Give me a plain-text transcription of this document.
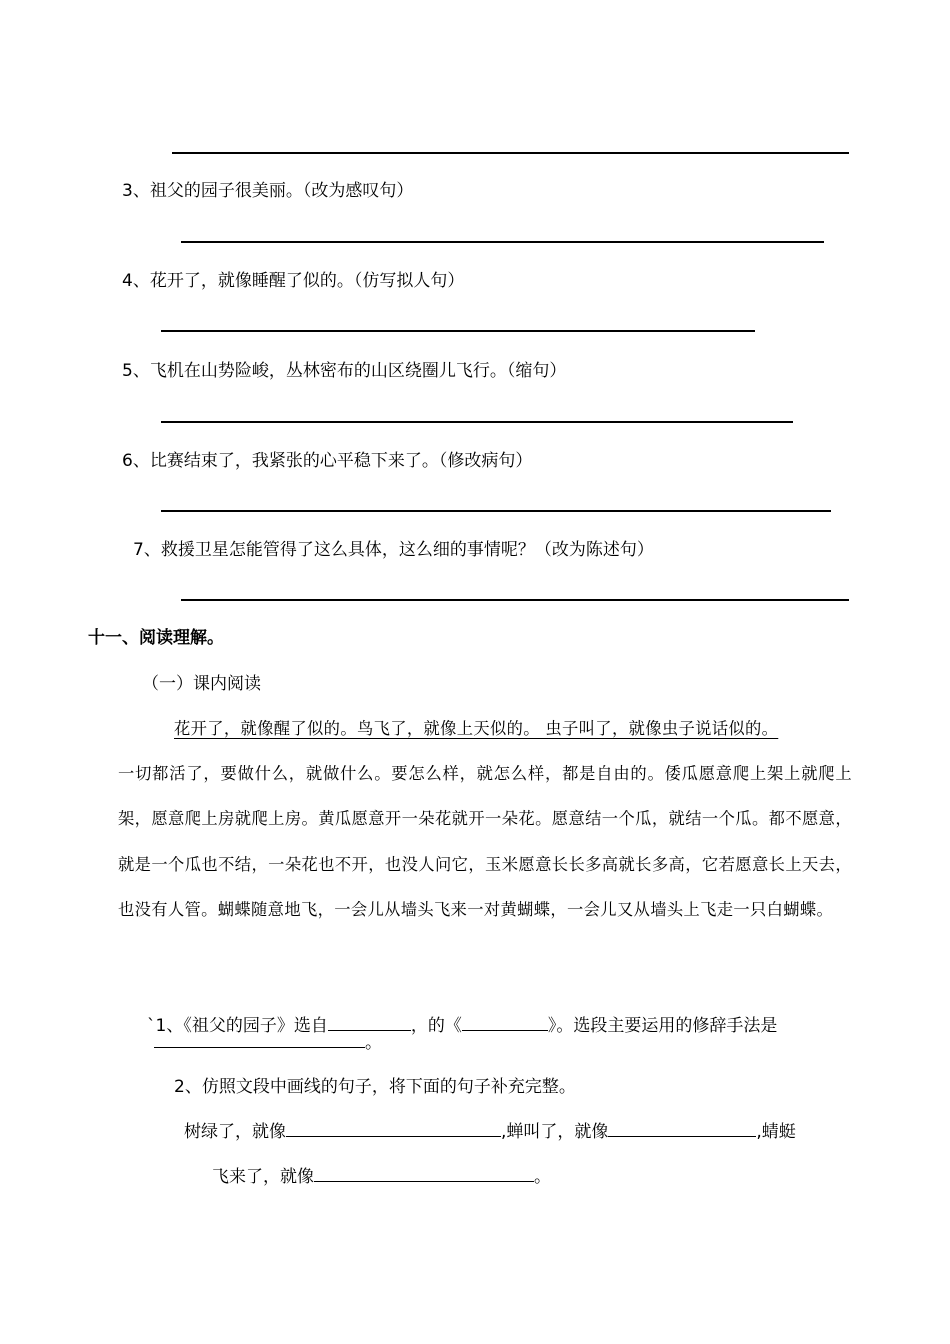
3、祖父的园子很美丽。（改为感叹句）
4、花开了，就像睡醒了似的。（仿写拟人句）
5、飞机在山势险峻，丛林密布的山区绕圈儿飞行。（缩句）
6、比赛结束了，我紧张的心平稳下来了。（修改病句）
7、救援卫星怎能管得了这么具体，这么细的事情呢？（改为陈述句）
十一、阅读理解。
（一）课内阅读
花开了，就像醒了似的。鸟飞了，就像上天似的。 虫子叫了，就像虫子说话似的。
一切都活了，要做什么，就做什么。要怎么样，就怎么样，都是自由的。倭瓜愿意爬上架上就爬上架，愿意爬上房就爬上房。黄瓜愿意开一朵花就开一朵花。愿意结一个瓜，就结一个瓜。都不愿意，就是一个瓜也不结，一朵花也不开，也没人问它，玉米愿意长长多高就长多高，它若愿意长上天去，也没有人管。蝴蝶随意地飞，一会儿从墙头飞来一对黄蝴蝶，一会儿又从墙头上飞走一只白蝴蝶。
`1、《祖父的园子》选自	，的《	》。选段主要运用的修辞手法是
。
2、仿照文段中画线的句子，将下面的句子补充完整。
树绿了，就像	,蝉叫了，就像	,蜻蜓
飞来了，就像	。
